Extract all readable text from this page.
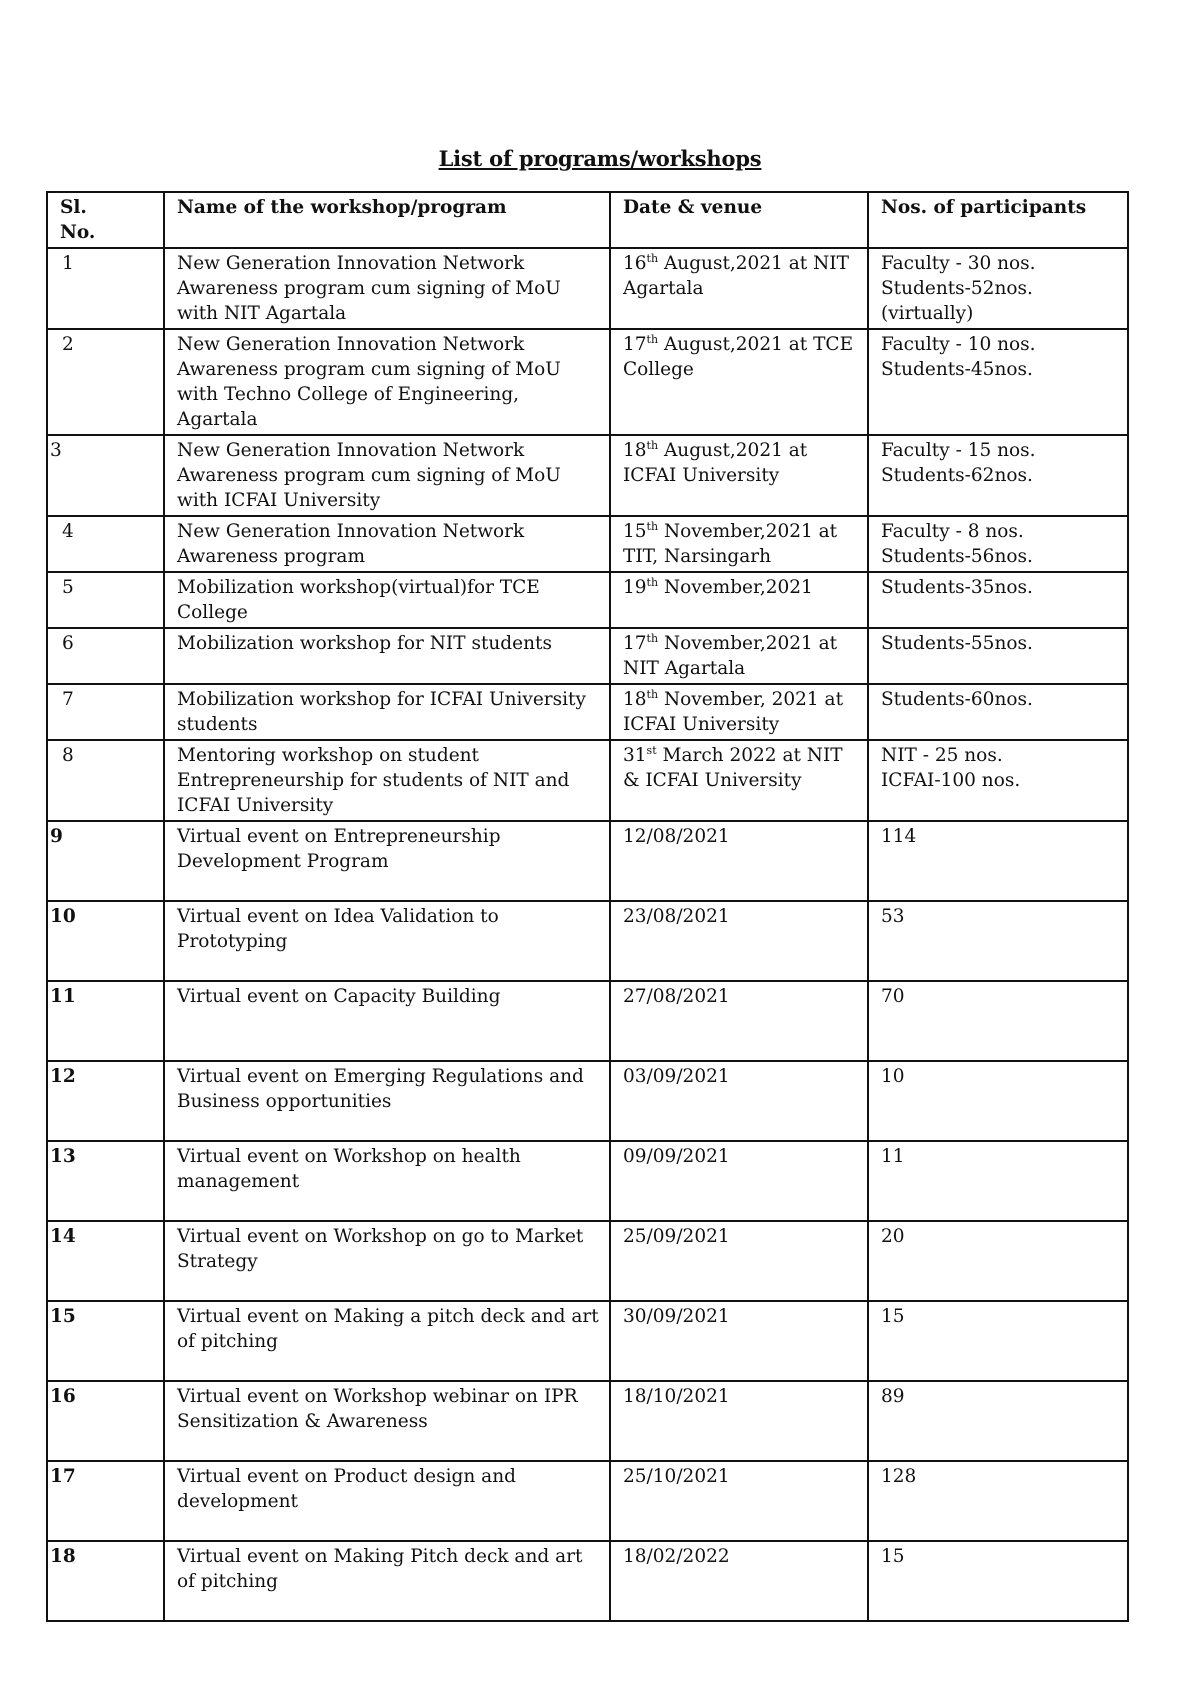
List of programs/workshops
Sl.
No.	Name of the workshop/program	Date & venue	Nos. of participants
1	New Generation Innovation Network Awareness program cum signing of MoU with NIT Agartala	16th August,2021 at NIT Agartala	Faculty - 30 nos.
Students-52nos.
(virtually)
2	New Generation Innovation Network Awareness program cum signing of MoU with Techno College of Engineering, Agartala	17th August,2021 at TCE College	Faculty - 10 nos.
Students-45nos.
3	New Generation Innovation Network Awareness program cum signing of MoU with ICFAI University	18th August,2021 at ICFAI University	Faculty - 15 nos.
Students-62nos.
4	New Generation Innovation Network Awareness program	15th November,2021 at TIT, Narsingarh	Faculty - 8 nos.
Students-56nos.
5	Mobilization workshop(virtual)for TCE College	19th November,2021	Students-35nos.
6	Mobilization workshop for NIT students	17th November,2021 at NIT Agartala	Students-55nos.
7	Mobilization workshop for ICFAI University students	18th November, 2021 at ICFAI University	Students-60nos.
8	Mentoring workshop on student Entrepreneurship for students of NIT and ICFAI University	31st March 2022 at NIT & ICFAI University	NIT - 25 nos.
ICFAI-100 nos.
9	Virtual event on Entrepreneurship Development Program	12/08/2021	114
10	Virtual event on Idea Validation to Prototyping	23/08/2021	53
11	Virtual event on Capacity Building	27/08/2021	70
12	Virtual event on Emerging Regulations and Business opportunities	03/09/2021	10
13	Virtual event on Workshop on health management	09/09/2021	11
14	Virtual event on Workshop on go to Market Strategy	25/09/2021	20
15	Virtual event on Making a pitch deck and art of pitching	30/09/2021	15
16	Virtual event on Workshop webinar on IPR Sensitization & Awareness	18/10/2021	89
17	Virtual event on Product design and development	25/10/2021	128
18	Virtual event on Making Pitch deck and art of pitching	18/02/2022	15
